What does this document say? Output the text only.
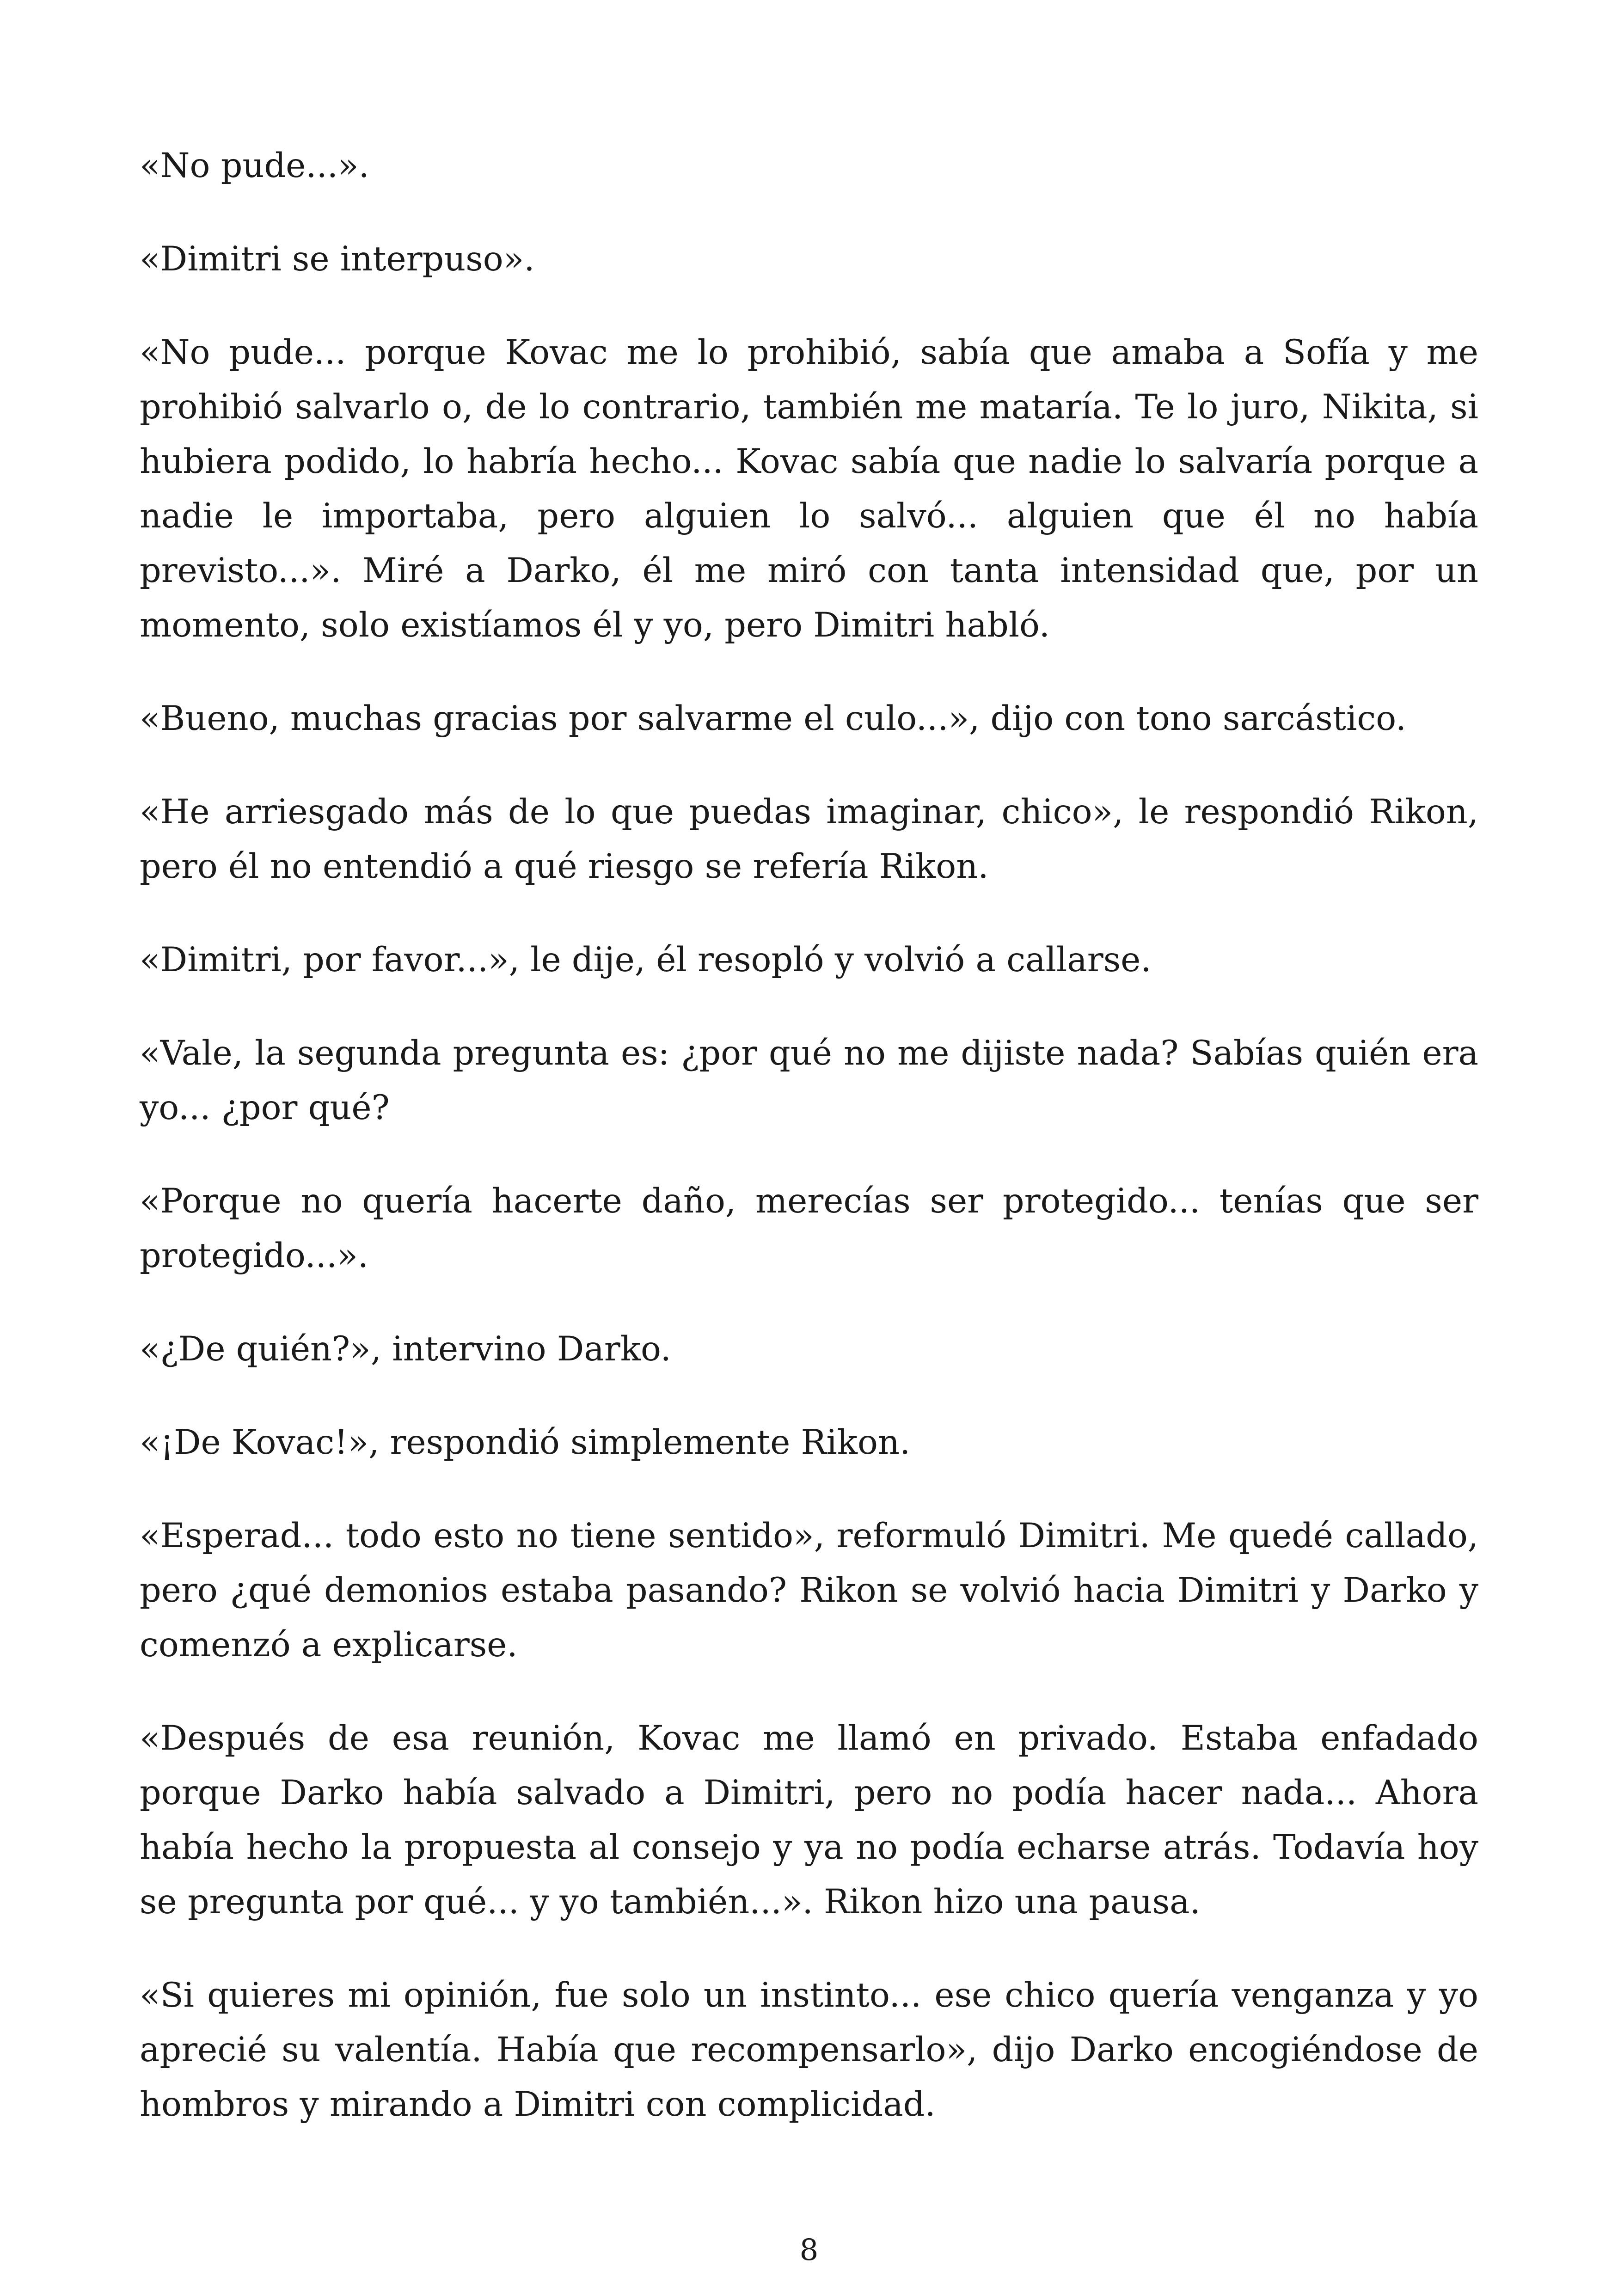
«No pude...».

«Dimitri se interpuso».

«No pude... porque Kovac me lo prohibió, sabía que amaba a Sofía y me prohibió salvarlo o, de lo contrario, también me mataría. Te lo juro, Nikita, si hubiera podido, lo habría hecho... Kovac sabía que nadie lo salvaría porque a nadie le importaba, pero alguien lo salvó... alguien que él no había previsto...». Miré a Darko, él me miró con tanta intensidad que, por un momento, solo existíamos él y yo, pero Dimitri habló.

«Bueno, muchas gracias por salvarme el culo...», dijo con tono sarcástico.

«He arriesgado más de lo que puedas imaginar, chico», le respondió Rikon, pero él no entendió a qué riesgo se refería Rikon.

«Dimitri, por favor...», le dije, él resopló y volvió a callarse.

«Vale, la segunda pregunta es: ¿por qué no me dijiste nada? Sabías quién era yo... ¿por qué?

«Porque no quería hacerte daño, merecías ser protegido... tenías que ser protegido...».

«¿De quién?», intervino Darko.

«¡De Kovac!», respondió simplemente Rikon.

«Esperad... todo esto no tiene sentido», reformuló Dimitri. Me quedé callado, pero ¿qué demonios estaba pasando? Rikon se volvió hacia Dimitri y Darko y comenzó a explicarse.

«Después de esa reunión, Kovac me llamó en privado. Estaba enfadado porque Darko había salvado a Dimitri, pero no podía hacer nada... Ahora había hecho la propuesta al consejo y ya no podía echarse atrás. Todavía hoy se pregunta por qué... y yo también...». Rikon hizo una pausa.

«Si quieres mi opinión, fue solo un instinto... ese chico quería venganza y yo aprecié su valentía. Había que recompensarlo», dijo Darko encogiéndose de hombros y mirando a Dimitri con complicidad.

8
